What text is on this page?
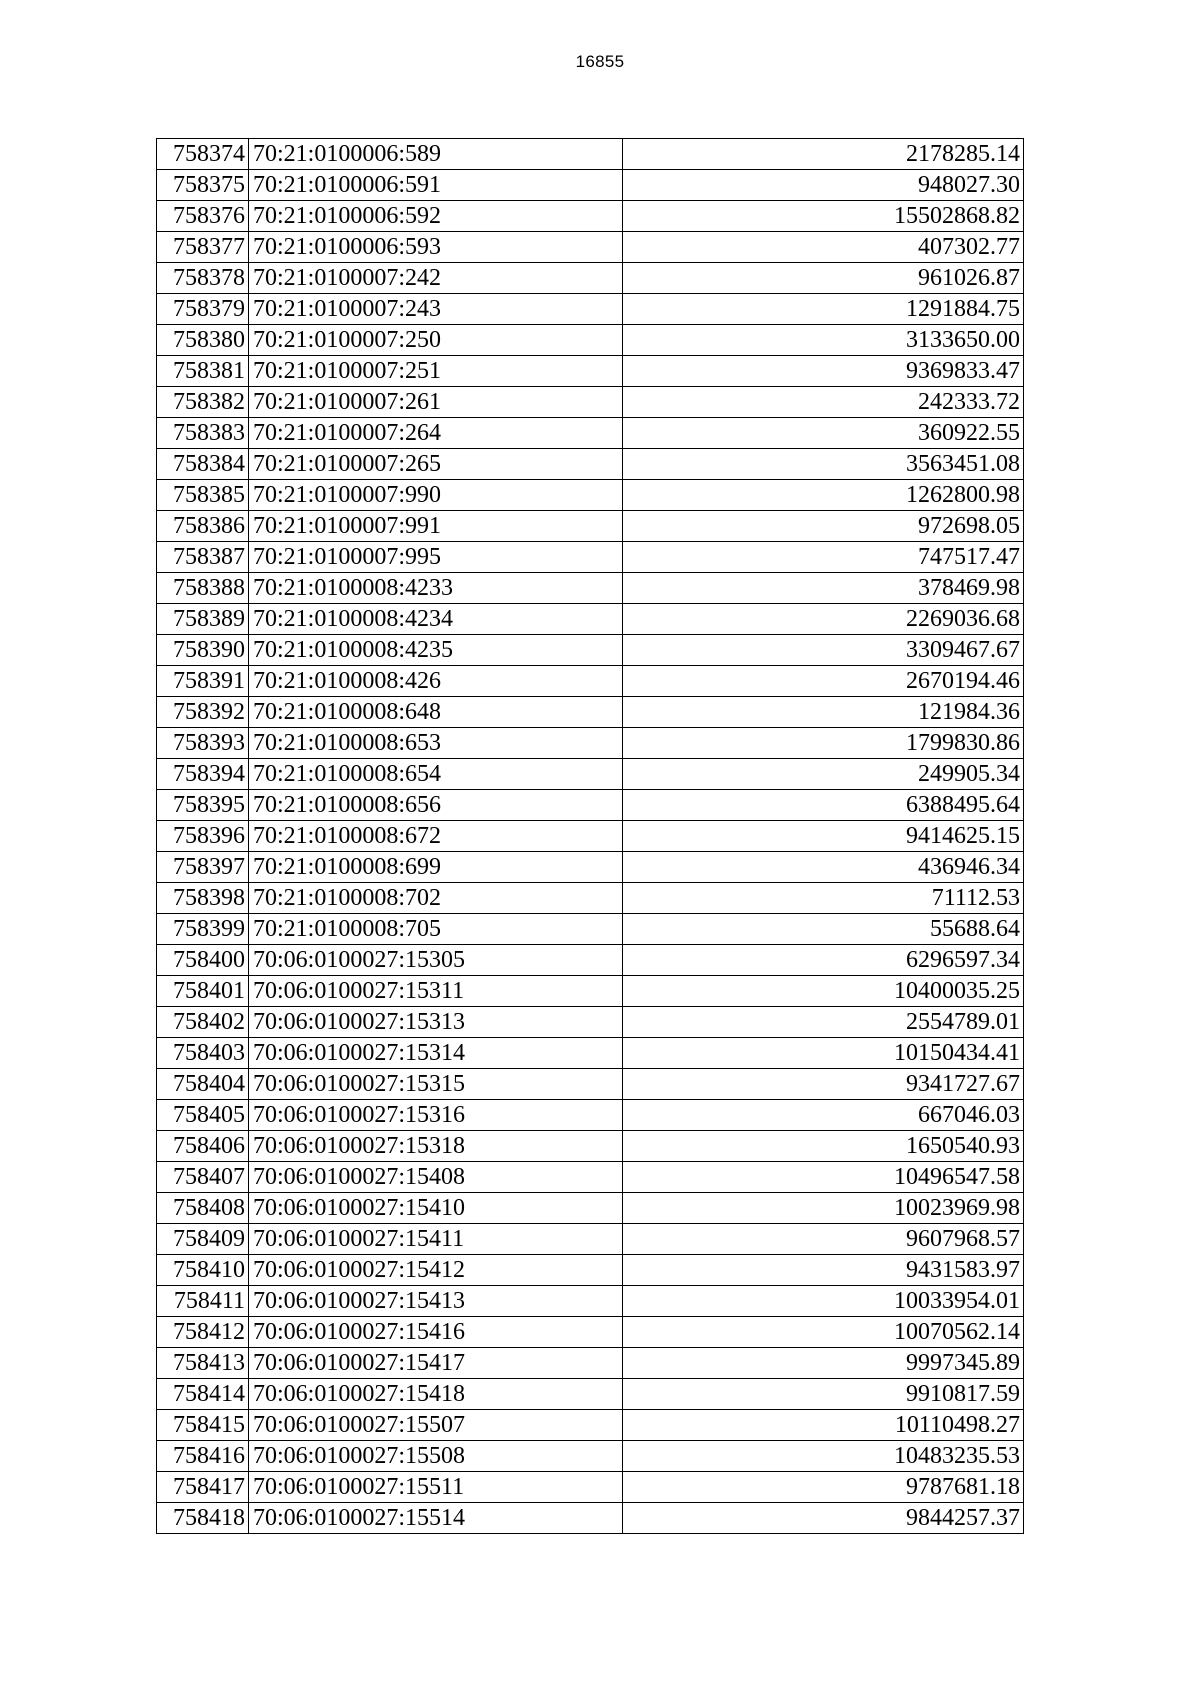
16855
758374	70:21:0100006:589	2178285.14
758375	70:21:0100006:591	948027.30
758376	70:21:0100006:592	15502868.82
758377	70:21:0100006:593	407302.77
758378	70:21:0100007:242	961026.87
758379	70:21:0100007:243	1291884.75
758380	70:21:0100007:250	3133650.00
758381	70:21:0100007:251	9369833.47
758382	70:21:0100007:261	242333.72
758383	70:21:0100007:264	360922.55
758384	70:21:0100007:265	3563451.08
758385	70:21:0100007:990	1262800.98
758386	70:21:0100007:991	972698.05
758387	70:21:0100007:995	747517.47
758388	70:21:0100008:4233	378469.98
758389	70:21:0100008:4234	2269036.68
758390	70:21:0100008:4235	3309467.67
758391	70:21:0100008:426	2670194.46
758392	70:21:0100008:648	121984.36
758393	70:21:0100008:653	1799830.86
758394	70:21:0100008:654	249905.34
758395	70:21:0100008:656	6388495.64
758396	70:21:0100008:672	9414625.15
758397	70:21:0100008:699	436946.34
758398	70:21:0100008:702	71112.53
758399	70:21:0100008:705	55688.64
758400	70:06:0100027:15305	6296597.34
758401	70:06:0100027:15311	10400035.25
758402	70:06:0100027:15313	2554789.01
758403	70:06:0100027:15314	10150434.41
758404	70:06:0100027:15315	9341727.67
758405	70:06:0100027:15316	667046.03
758406	70:06:0100027:15318	1650540.93
758407	70:06:0100027:15408	10496547.58
758408	70:06:0100027:15410	10023969.98
758409	70:06:0100027:15411	9607968.57
758410	70:06:0100027:15412	9431583.97
758411	70:06:0100027:15413	10033954.01
758412	70:06:0100027:15416	10070562.14
758413	70:06:0100027:15417	9997345.89
758414	70:06:0100027:15418	9910817.59
758415	70:06:0100027:15507	10110498.27
758416	70:06:0100027:15508	10483235.53
758417	70:06:0100027:15511	9787681.18
758418	70:06:0100027:15514	9844257.37
